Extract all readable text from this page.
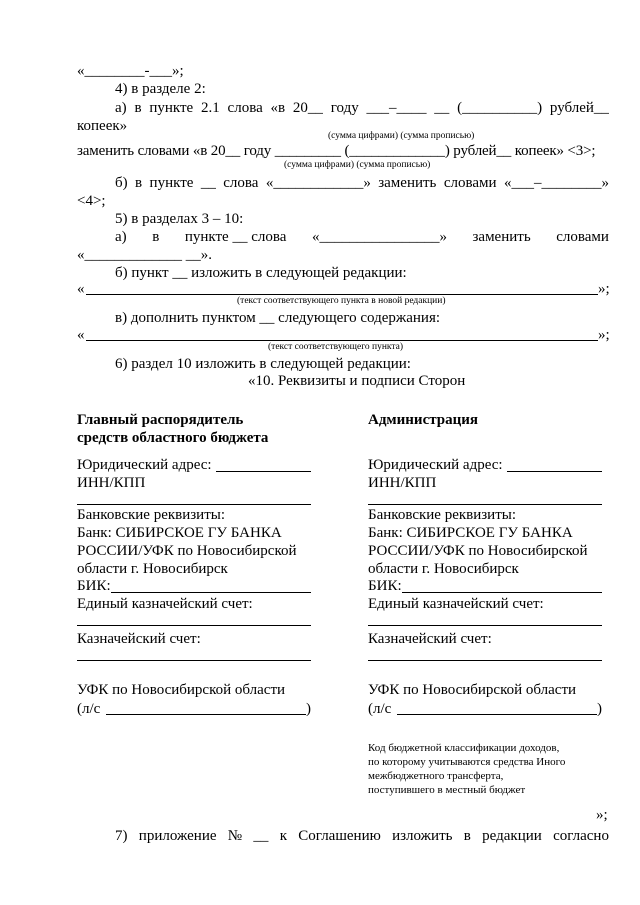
«________-___»;
4) в разделе 2:
а) в пункте 2.1 слова «в 20__ году ___–____ __ (__________) рублей__
копеек»
(сумма цифрами) (сумма прописью)
заменить словами «в 20__ году _________ (_____________) рублей__ копеек» <3>;
(сумма цифрами) (сумма прописью)
б) в пункте __ слова «____________» заменить словами «___–________»
<4>;
5) в разделах 3 – 10:
а) в пункте __ слова «________________» заменить словами
«_____________ __».
б) пункт __ изложить в следующей редакции:
«	»;
(текст соответствующего пункта в новой редакции)
в) дополнить пунктом __ следующего содержания:
«	»;
(текст соответствующего пункта)
6) раздел 10 изложить в следующей редакции:
«10. Реквизиты и подписи Сторон
Главный распорядитель
средств областного бюджета
Юридический адрес:
ИНН/КПП
Банковские реквизиты:
Банк: СИБИРСКОЕ ГУ БАНКА
РОССИИ/УФК по Новосибирской
области г. Новосибирск
БИК:
Единый казначейский счет:
Казначейский счет:
УФК по Новосибирской области
(л/с	)
Администрация
Юридический адрес:
ИНН/КПП
Банковские реквизиты:
Банк: СИБИРСКОЕ ГУ БАНКА
РОССИИ/УФК по Новосибирской
области г. Новосибирск
БИК:
Единый казначейский счет:
Казначейский счет:
УФК по Новосибирской области
(л/с	)
Код бюджетной классификации доходов,
по которому учитываются средства Иного
межбюджетного трансферта,
поступившего в местный бюджет
»;
7) приложение № __ к Соглашению изложить в редакции согласно
